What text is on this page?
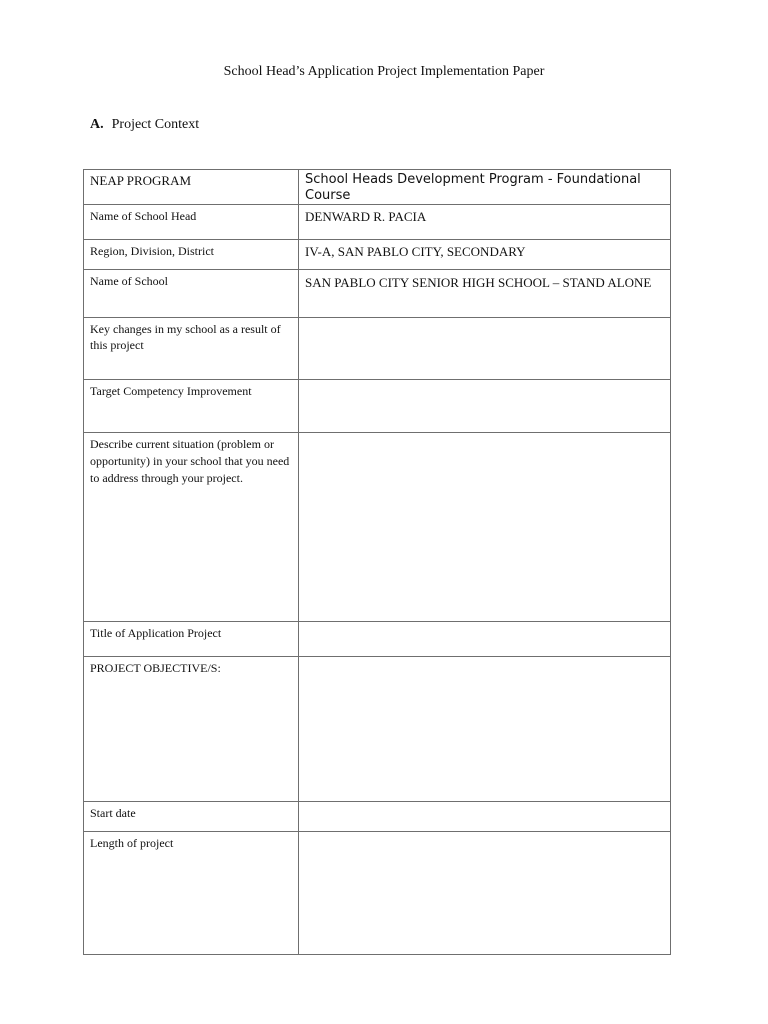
School Head’s Application Project Implementation Paper
A. Project Context
NEAP PROGRAM	School Heads Development Program - Foundational Course

Name of School Head	DENWARD R. PACIA

Region, Division, District	IV-A, SAN PABLO CITY, SECONDARY

Name of School	SAN PABLO CITY SENIOR HIGH SCHOOL – STAND ALONE

Key changes in my school as a result of this project	

Target Competency Improvement	

Describe current situation (problem or opportunity) in your school that you need to address through your project.	

Title of Application Project	

PROJECT OBJECTIVE/S:	

Start date	

Length of project	
